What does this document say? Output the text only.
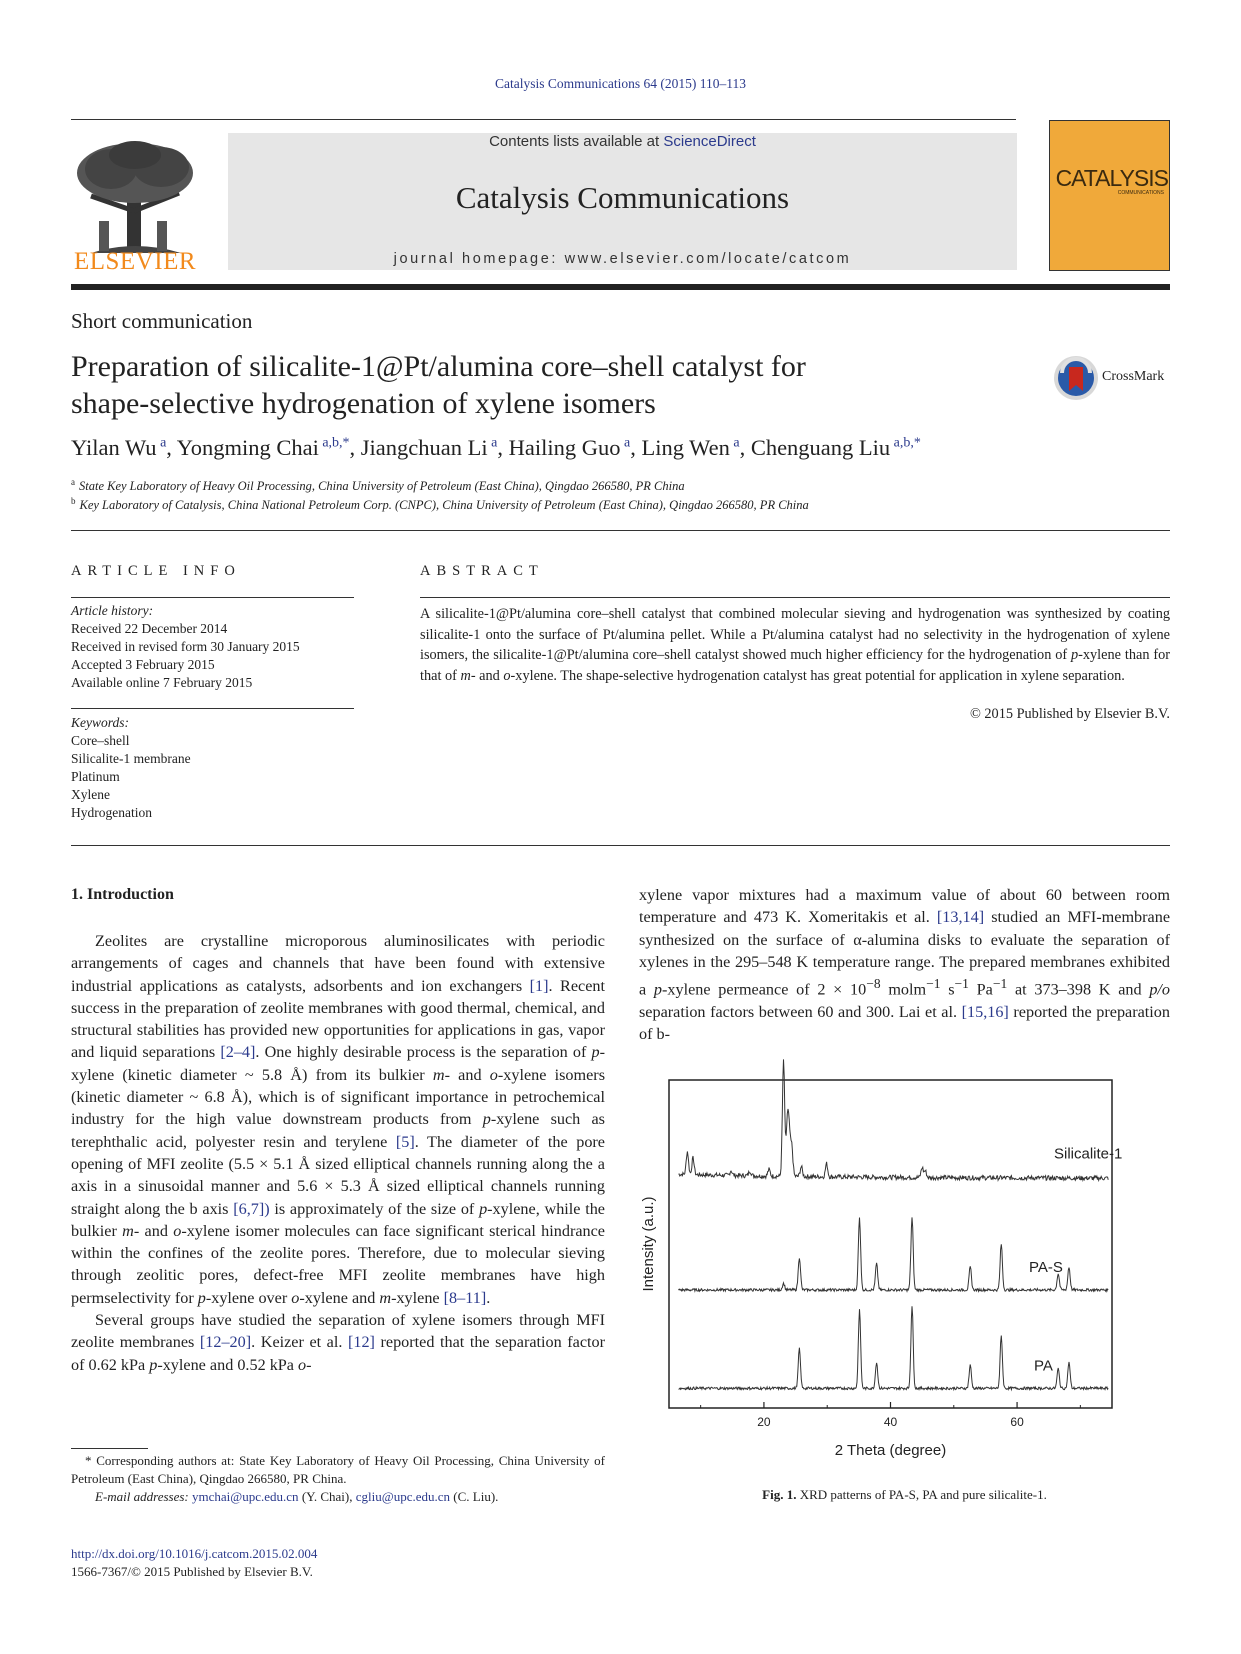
Catalysis Communications 64 (2015) 110–113
ELSEVIER
Contents lists available at ScienceDirect
Catalysis Communications
journal homepage: www.elsevier.com/locate/catcom
CATALYSIS
COMMUNICATIONS
Short communication
Preparation of silicalite-1@Pt/alumina core–shell catalyst for
shape-selective hydrogenation of xylene isomers
CrossMark
Yilan Wu $^a$, Yongming Chai $^{a,b,*}$, Jiangchuan Li $^a$, Hailing Guo $^a$, Ling Wen $^a$, Chenguang Liu $^{a,b,*}$
$^a$ State Key Laboratory of Heavy Oil Processing, China University of Petroleum (East China), Qingdao 266580, PR China
$^b$ Key Laboratory of Catalysis, China National Petroleum Corp. (CNPC), China University of Petroleum (East China), Qingdao 266580, PR China
ARTICLE INFO	ABSTRACT
Article history:
Received 22 December 2014
Received in revised form 30 January 2015
Accepted 3 February 2015
Available online 7 February 2015
Keywords:
Core–shell
Silicalite-1 membrane
Platinum
Xylene
Hydrogenation
A silicalite-1@Pt/alumina core–shell catalyst that combined molecular sieving and hydrogenation was synthesized by coating silicalite-1 onto the surface of Pt/alumina pellet. While a Pt/alumina catalyst had no selectivity in the hydrogenation of xylene isomers, the silicalite-1@Pt/alumina core–shell catalyst showed much higher efficiency for the hydrogenation of p-xylene than for that of m- and o-xylene. The shape-selective hydrogenation catalyst has great potential for application in xylene separation.
© 2015 Published by Elsevier B.V.
1. Introduction

Zeolites are crystalline microporous aluminosilicates with periodic arrangements of cages and channels that have been found with extensive industrial applications as catalysts, adsorbents and ion exchangers [1]. Recent success in the preparation of zeolite membranes with good thermal, chemical, and structural stabilities has provided new opportunities for applications in gas, vapor and liquid separations [2–4]. One highly desirable process is the separation of p-xylene (kinetic diameter ~ 5.8 Å) from its bulkier m- and o-xylene isomers (kinetic diameter ~ 6.8 Å), which is of significant importance in petrochemical industry for the high value downstream products from p-xylene such as terephthalic acid, polyester resin and terylene [5]. The diameter of the pore opening of MFI zeolite (5.5 × 5.1 Å sized elliptical channels running along the a axis in a sinusoidal manner and 5.6 × 5.3 Å sized elliptical channels running straight along the b axis [6,7]) is approximately of the size of p-xylene, while the bulkier m- and o-xylene isomer molecules can face significant sterical hindrance within the confines of the zeolite pores. Therefore, due to molecular sieving through zeolitic pores, defect-free MFI zeolite membranes have high permselectivity for p-xylene over o-xylene and m-xylene [8–11].

Several groups have studied the separation of xylene isomers through MFI zeolite membranes [12–20]. Keizer et al. [12] reported that the separation factor of 0.62 kPa p-xylene and 0.52 kPa o-

xylene vapor mixtures had a maximum value of about 60 between room temperature and 473 K. Xomeritakis et al. [13,14] studied an MFI-membrane synthesized on the surface of α-alumina disks to evaluate the separation of xylenes in the 295–548 K temperature range. The prepared membranes exhibited a p-xylene permeance of $2 \times 10^{-8}$ molm$^{-1}$ $s^{-1}$ $Pa^{-1}$ at 373–398 K and p/o separation factors between 60 and 300. Lai et al. [15,16] reported the preparation of b-

* Corresponding authors at: State Key Laboratory of Heavy Oil Processing, China University of Petroleum (East China), Qingdao 266580, PR China.
E-mail addresses: ymchai@upc.edu.cn (Y. Chai), cgliu@upc.edu.cn (C. Liu).
http://dx.doi.org/10.1016/j.catcom.2015.02.004
1566-7367/© 2015 Published by Elsevier B.V.
20	40	60
2 Theta (degree)
Intensity (a.u.)
Silicalite-1
PA-S
PA
Fig. 1. XRD patterns of PA-S, PA and pure silicalite-1.
